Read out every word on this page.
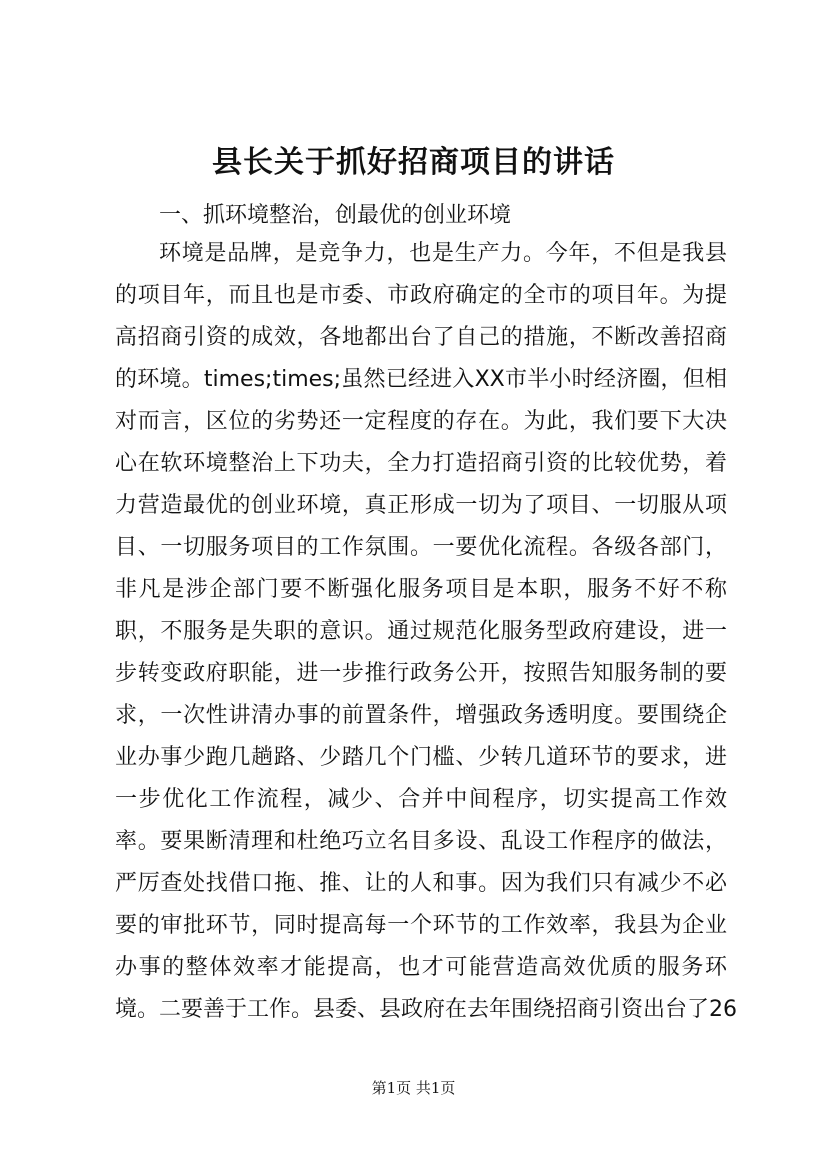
县长关于抓好招商项目的讲话
一、抓环境整治，创最优的创业环境
环境是品牌，是竞争力，也是生产力。今年，不但是我县的项目年，而且也是市委、市政府确定的全市的项目年。为提高招商引资的成效，各地都出台了自己的措施，不断改善招商的环境。times;times;虽然已经进入XX市半小时经济圈，但相对而言，区位的劣势还一定程度的存在。为此，我们要下大决心在软环境整治上下功夫，全力打造招商引资的比较优势，着力营造最优的创业环境，真正形成一切为了项目、一切服从项目、一切服务项目的工作氛围。一要优化流程。各级各部门，非凡是涉企部门要不断强化服务项目是本职，服务不好不称职，不服务是失职的意识。通过规范化服务型政府建设，进一步转变政府职能，进一步推行政务公开，按照告知服务制的要求，一次性讲清办事的前置条件，增强政务透明度。要围绕企业办事少跑几趟路、少踏几个门槛、少转几道环节的要求，进一步优化工作流程，减少、合并中间程序，切实提高工作效率。要果断清理和杜绝巧立名目多设、乱设工作程序的做法，严厉查处找借口拖、推、让的人和事。因为我们只有减少不必要的审批环节，同时提高每一个环节的工作效率，我县为企业办事的整体效率才能提高，也才可能营造高效优质的服务环境。 二要善于工作。县委、县政府在去年围绕招商引资出台了26
第1页 共1页
